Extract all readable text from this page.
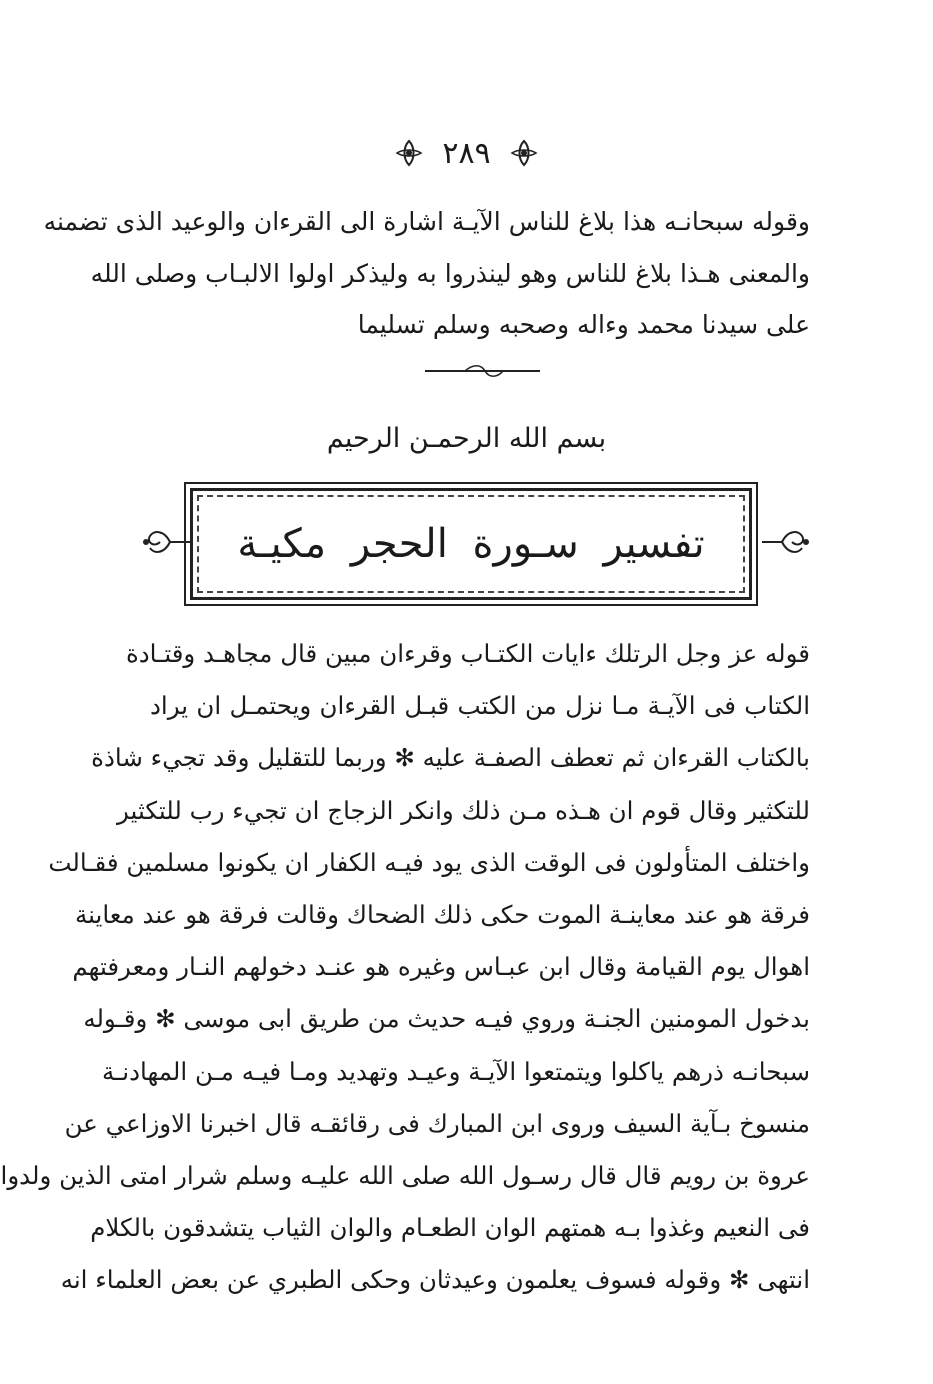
٢٨٩
وقوله سبحانـه هذا بلاغ للناس الآيـة اشارة الى القرءان والوعيد الذى تضمنه
والمعنى هـذا بلاغ للناس وهو لينذروا به وليذكر اولوا الالبـاب وصلى الله
على سيدنا محمد وءاله وصحبه وسلم تسليما
بسم الله الرحمـن الرحيم
تفسير سـورة الحجر مكيـة
قوله عز وجل الرتلك ءايات الكتـاب وقرءان مبين قال مجاهـد وقتـادة
الكتاب فى الآيـة مـا نزل من الكتب قبـل القرءان ويحتمـل ان يراد
بالكتاب القرءان ثم تعطف الصفـة عليه ✻ وربما للتقليل وقد تجيء شاذة
للتكثير وقال قوم ان هـذه مـن ذلك وانكر الزجاج ان تجيء رب للتكثير
واختلف المتأولون فى الوقت الذى يود فيـه الكفار ان يكونوا مسلمين فقـالت
فرقة هو عند معاينـة الموت حكى ذلك الضحاك وقالت فرقة هو عند معاينة
اهوال يوم القيامة وقال ابن عبـاس وغيره هو عنـد دخولهم النـار ومعرفتهم
بدخول المومنين الجنـة وروي فيـه حديث من طريق ابى موسى ✻ وقـوله
سبحانـه ذرهم ياكلوا ويتمتعوا الآيـة وعيـد وتهديد ومـا فيـه مـن المهادنـة
منسوخ بـآية السيف وروى ابن المبارك فى رقائقـه قال اخبرنا الاوزاعي عن
عروة بن رويم قال قال رسـول الله صلى الله عليـه وسلم شرار امتى الذين ولدوا
فى النعيم وغذوا بـه همتهم الوان الطعـام والوان الثياب يتشدقون بالكلام
انتهى ✻ وقوله فسوف يعلمون وعيدثان وحكى الطبري عن بعض العلماء انه
